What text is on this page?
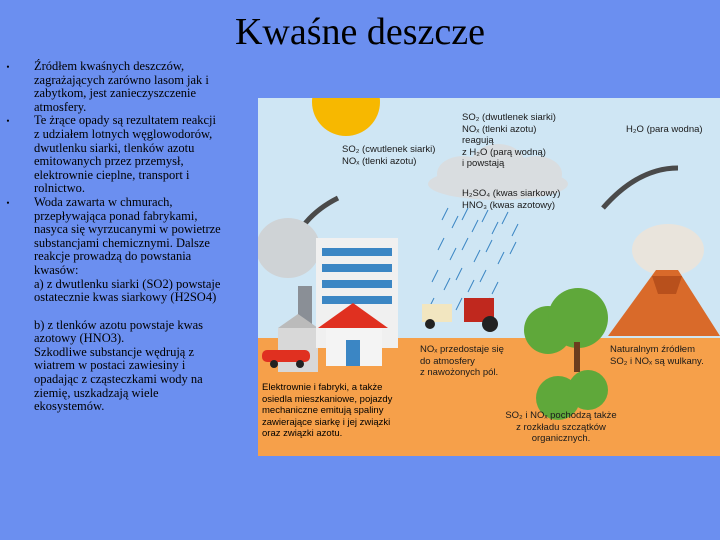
Kwaśne deszcze
• Źródłem kwaśnych deszczów,
zagrażających zarówno lasom jak i
zabytkom, jest zanieczyszczenie
atmosfery.
• Te żrące opady są rezultatem reakcji
z udziałem lotnych węglowodorów,
dwutlenku siarki, tlenków azotu
emitowanych przez przemysł,
elektrownie cieplne, transport i
rolnictwo.
• Woda zawarta w chmurach,
przepływająca ponad fabrykami,
nasyca się wyrzucanymi w powietrze
substancjami chemicznymi. Dalsze
reakcje prowadzą do powstania
kwasów:
a) z dwutlenku siarki (SO2) powstaje
ostatecznie kwas siarkowy (H2SO4)
b) z tlenków azotu powstaje kwas
azotowy (HNO3).
Szkodliwe substancje wędrują z
wiatrem w postaci zawiesiny i
opadając z cząsteczkami wody na
ziemię, uszkadzają wiele
ekosystemów.
SO₂ (dwutlenek siarki)
NOₓ (tlenki azotu)
reagują
z H₂O (parą wodną)
i powstają
H₂SO₄ (kwas siarkowy)
HNO₃ (kwas azotowy)
H₂O (para wodna)
SO₂ (cwutlenek siarki)
NOₓ (tlenki azotu)
NOₓ przedostaje się
do atmosfery
z nawożonych pól.
Naturalnym źródłem
SO₂ i NOₓ są wulkany.
Elektrownie i fabryki, a także
osiedla mieszkaniowe, pojazdy
mechaniczne emitują spaliny
zawierające siarkę i jej związki
oraz związki azotu.
SO₂ i NOₓ pochodzą także
z rozkładu szczątków
organicznych.
